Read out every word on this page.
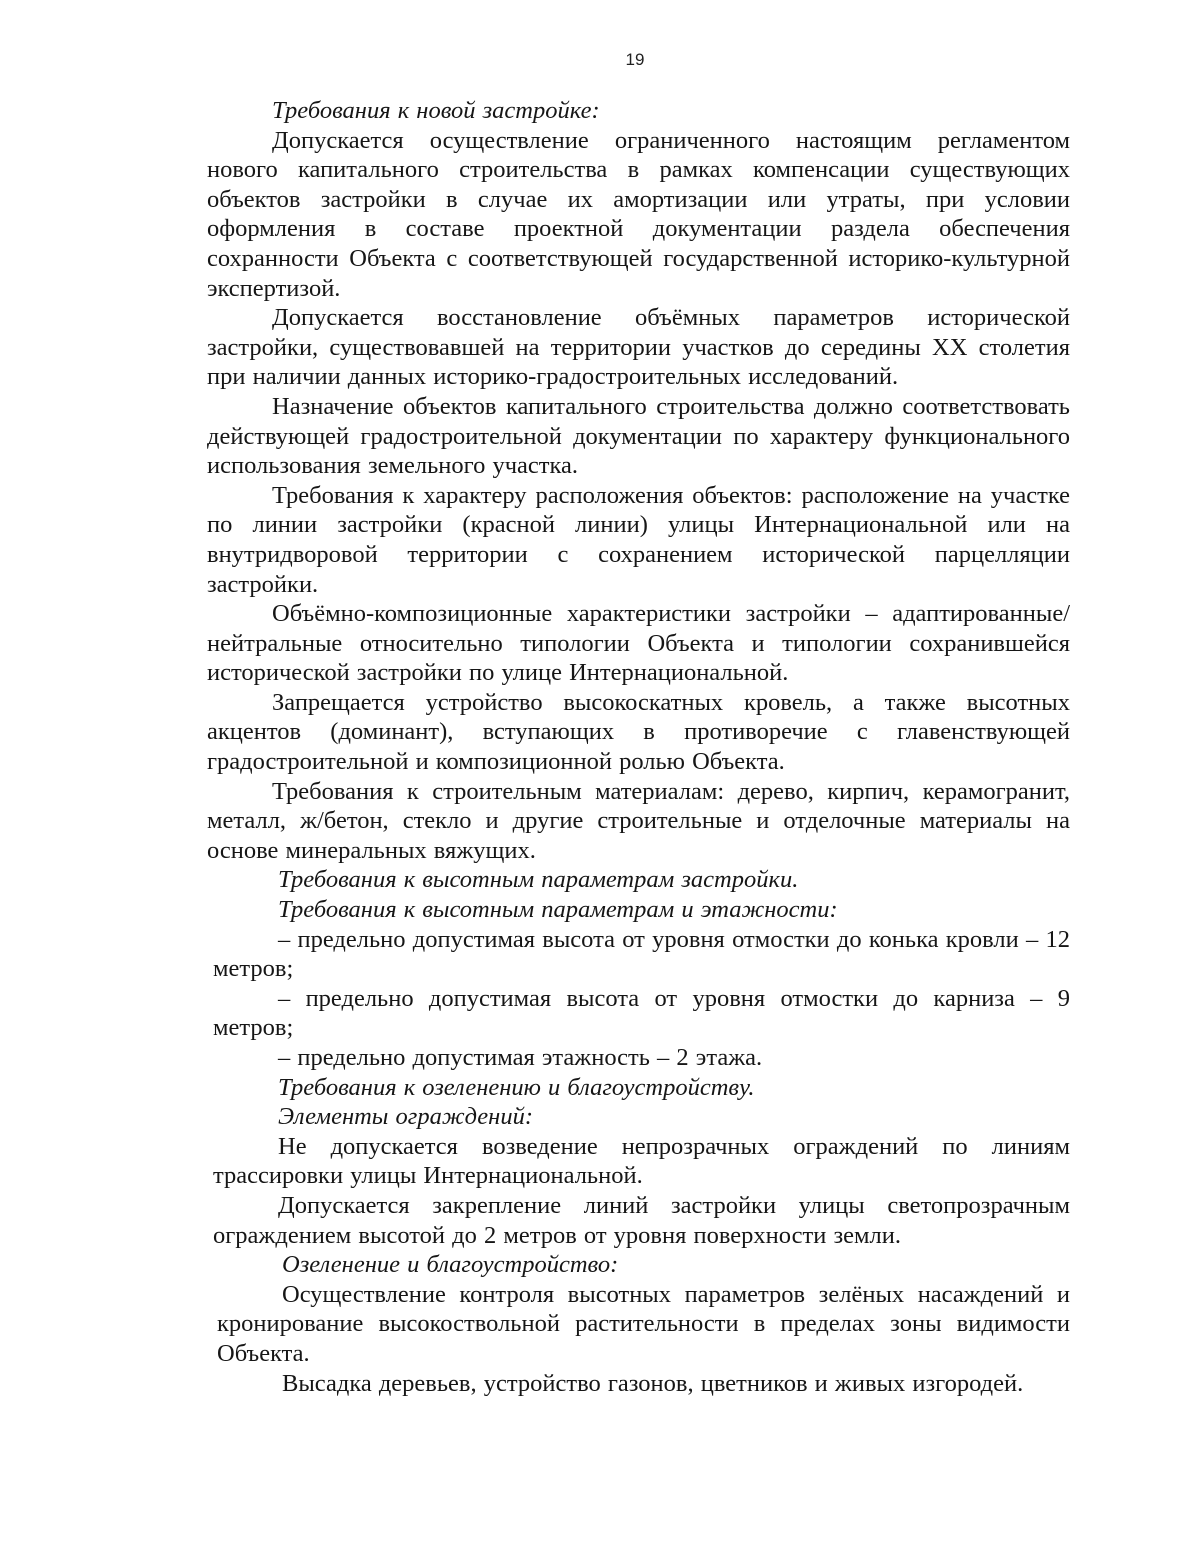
19

Требования к новой застройке:

Допускается осуществление ограниченного настоящим регламентом нового капитального строительства в рамках компенсации существующих объектов застройки в случае их амортизации или утраты, при условии оформления в составе проектной документации раздела обеспечения сохранности Объекта с соответствующей государственной историко-культурной экспертизой.

Допускается восстановление объёмных параметров исторической застройки, существовавшей на территории участков до середины XX столетия при наличии данных историко-градостроительных исследований.

Назначение объектов капитального строительства должно соответствовать действующей градостроительной документации по характеру функционального использования земельного участка.

Требования к характеру расположения объектов: расположение на участке по линии застройки (красной линии) улицы Интернациональной или на внутридворовой территории с сохранением исторической парцелляции застройки.

Объёмно-композиционные характеристики застройки – адаптированные/нейтральные относительно типологии Объекта и типологии сохранившейся исторической застройки по улице Интернациональной.

Запрещается устройство высокоскатных кровель, а также высотных акцентов (доминант), вступающих в противоречие с главенствующей градостроительной и композиционной ролью Объекта.

Требования к строительным материалам: дерево, кирпич, керамогранит, металл, ж/бетон, стекло и другие строительные и отделочные материалы на основе минеральных вяжущих.

Требования к высотным параметрам застройки.

Требования к высотным параметрам и этажности:

– предельно допустимая высота от уровня отмостки до конька кровли – 12 метров;

– предельно допустимая высота от уровня отмостки до карниза – 9 метров;

– предельно допустимая этажность – 2 этажа.

Требования к озеленению и благоустройству.

Элементы ограждений:

Не допускается возведение непрозрачных ограждений по линиям трассировки улицы Интернациональной.

Допускается закрепление линий застройки улицы светопрозрачным ограждением высотой до 2 метров от уровня поверхности земли.

Озеленение и благоустройство:

Осуществление контроля высотных параметров зелёных насаждений и кронирование высокоствольной растительности в пределах зоны видимости Объекта.

Высадка деревьев, устройство газонов, цветников и живых изгородей.
